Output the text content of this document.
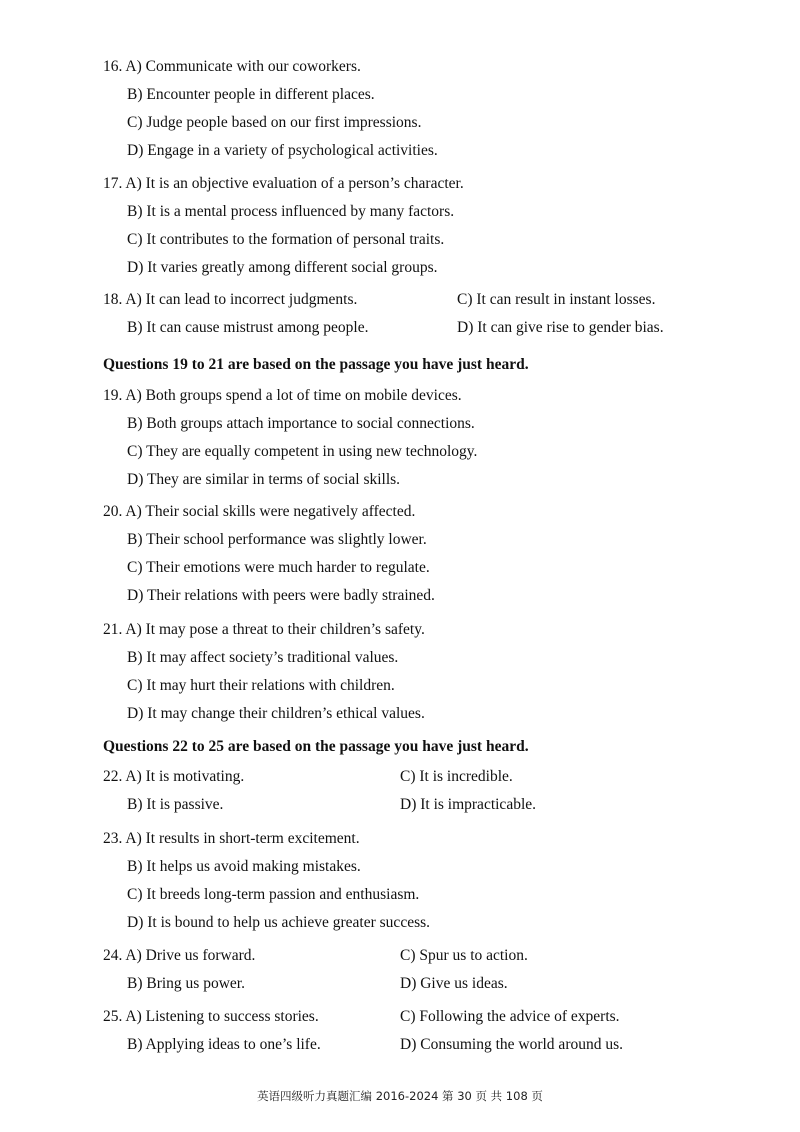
16. A) Communicate with our coworkers.
B) Encounter people in different places.
C) Judge people based on our first impressions.
D) Engage in a variety of psychological activities.
17. A) It is an objective evaluation of a person’s character.
B) It is a mental process influenced by many factors.
C) It contributes to the formation of personal traits.
D) It varies greatly among different social groups.
18. A) It can lead to incorrect judgments.	C) It can result in instant losses.
B) It can cause mistrust among people.	D) It can give rise to gender bias.
Questions 19 to 21 are based on the passage you have just heard.
19. A) Both groups spend a lot of time on mobile devices.
B) Both groups attach importance to social connections.
C) They are equally competent in using new technology.
D) They are similar in terms of social skills.
20. A) Their social skills were negatively affected.
B) Their school performance was slightly lower.
C) Their emotions were much harder to regulate.
D) Their relations with peers were badly strained.
21. A) It may pose a threat to their children’s safety.
B) It may affect society’s traditional values.
C) It may hurt their relations with children.
D) It may change their children’s ethical values.
Questions 22 to 25 are based on the passage you have just heard.
22. A) It is motivating.	C) It is incredible.
B) It is passive.	D) It is impracticable.
23. A) It results in short-term excitement.
B) It helps us avoid making mistakes.
C) It breeds long-term passion and enthusiasm.
D) It is bound to help us achieve greater success.
24. A) Drive us forward.	C) Spur us to action.
B) Bring us power.	D) Give us ideas.
25. A) Listening to success stories.	C) Following the advice of experts.
B) Applying ideas to one’s life.	D) Consuming the world around us.
英语四级听力真题汇编 2016-2024 第 30 页 共 108 页
